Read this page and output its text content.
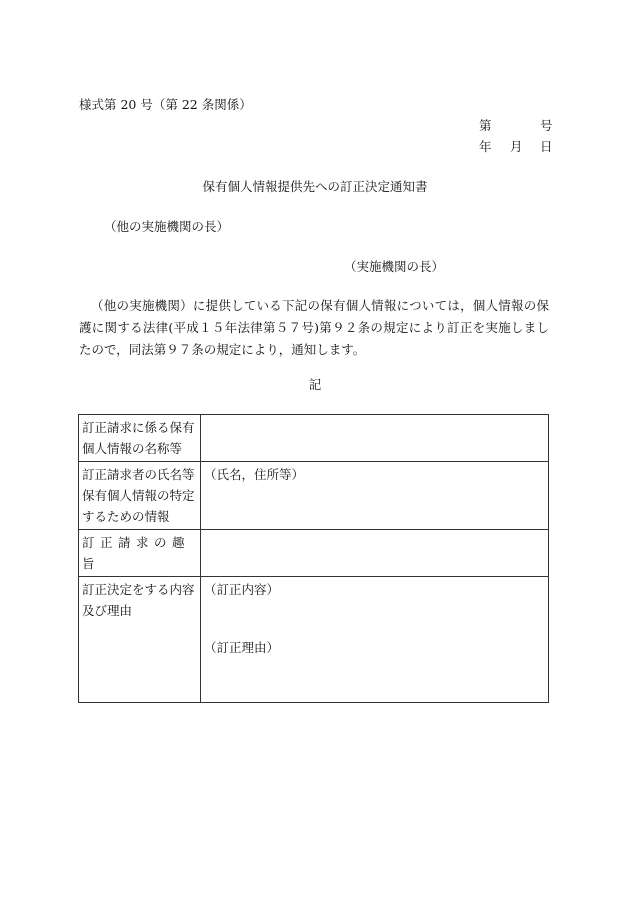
様式第 20 号（第 22 条関係）
第	号
年 月 日
保有個人情報提供先への訂正決定通知書
（他の実施機関の長）
（実施機関の長）
（他の実施機関）に提供している下記の保有個人情報については，個人情報の保護に関する法律(平成１５年法律第５７号)第９２条の規定により訂正を実施しましたので，同法第９７条の規定により，通知します。
記
訂正請求に係る保有個人情報の名称等	
訂正請求者の氏名等保有個人情報の特定するための情報	（氏名，住所等）
訂正請求の趣旨	
訂正決定をする内容及び理由	（訂正内容）
（訂正理由）
